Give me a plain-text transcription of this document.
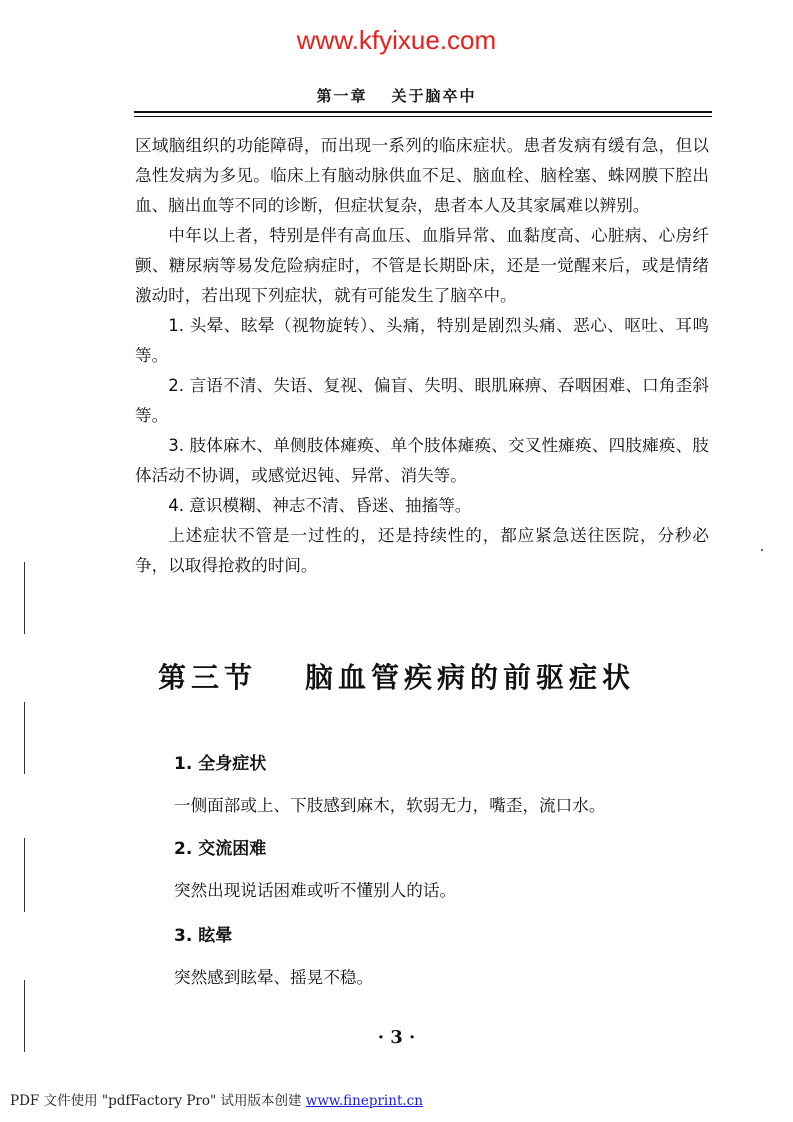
www.kfyixue.com
第一章 关于脑卒中

区域脑组织的功能障碍，而出现一系列的临床症状。患者发病有缓有急，但以急性发病为多见。临床上有脑动脉供血不足、脑血栓、脑栓塞、蛛网膜下腔出血、脑出血等不同的诊断，但症状复杂，患者本人及其家属难以辨别。

中年以上者，特别是伴有高血压、血脂异常、血黏度高、心脏病、心房纤颤、糖尿病等易发危险病症时，不管是长期卧床，还是一觉醒来后，或是情绪激动时，若出现下列症状，就有可能发生了脑卒中。

1. 头晕、眩晕（视物旋转）、头痛，特别是剧烈头痛、恶心、呕吐、耳鸣等。

2. 言语不清、失语、复视、偏盲、失明、眼肌麻痹、吞咽困难、口角歪斜等。

3. 肢体麻木、单侧肢体瘫痪、单个肢体瘫痪、交叉性瘫痪、四肢瘫痪、肢体活动不协调，或感觉迟钝、异常、消失等。

4. 意识模糊、神志不清、昏迷、抽搐等。

上述症状不管是一过性的，还是持续性的，都应紧急送往医院，分秒必争，以取得抢救的时间。

第三节 脑血管疾病的前驱症状
1. 全身症状
一侧面部或上、下肢感到麻木，软弱无力，嘴歪，流口水。
2. 交流困难
突然出现说话困难或听不懂别人的话。
3. 眩晕
突然感到眩晕、摇晃不稳。
· 3 ·
PDF 文件使用 "pdfFactory Pro" 试用版本创建 www.fineprint.cn
